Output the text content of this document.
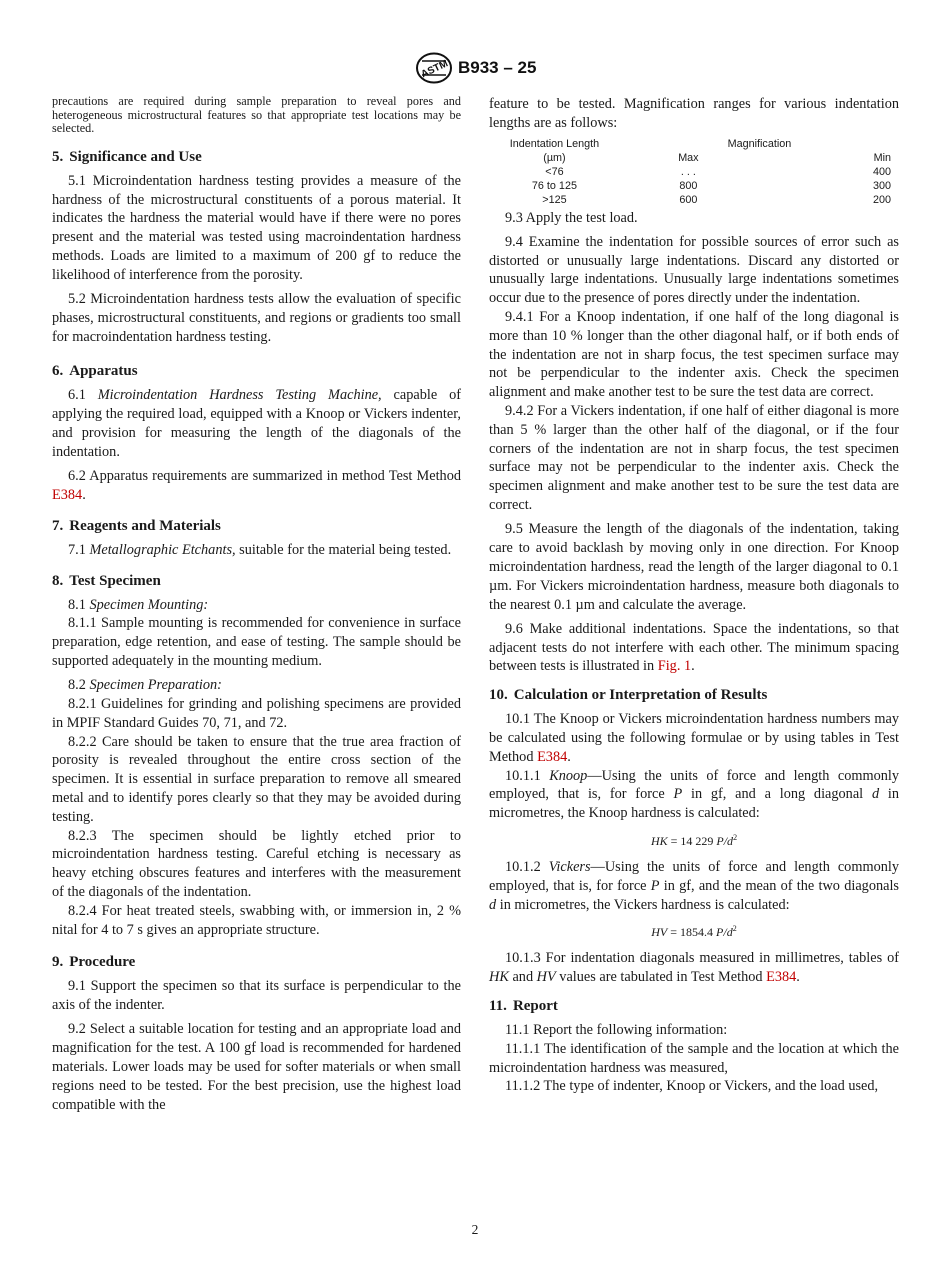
ASTM B933 – 25

precautions are required during sample preparation to reveal pores and heterogeneous microstructural features so that appropriate test locations may be selected.

5. Significance and Use

5.1 Microindentation hardness testing provides a measure of the hardness of the microstructural constituents of a porous material. It indicates the hardness the material would have if there were no pores present and the material was tested using macroindentation hardness methods. Loads are limited to a maximum of 200 gf to reduce the likelihood of interference from the porosity.

5.2 Microindentation hardness tests allow the evaluation of specific phases, microstructural constituents, and regions or gradients too small for macroindentation hardness testing.

6. Apparatus

6.1 Microindentation Hardness Testing Machine, capable of applying the required load, equipped with a Knoop or Vickers indenter, and provision for measuring the length of the diagonals of the indentation.

6.2 Apparatus requirements are summarized in method Test Method E384.

7. Reagents and Materials

7.1 Metallographic Etchants, suitable for the material being tested.

8. Test Specimen

8.1 Specimen Mounting:

8.1.1 Sample mounting is recommended for convenience in surface preparation, edge retention, and ease of testing. The sample should be supported adequately in the mounting medium.

8.2 Specimen Preparation:

8.2.1 Guidelines for grinding and polishing specimens are provided in MPIF Standard Guides 70, 71, and 72.

8.2.2 Care should be taken to ensure that the true area fraction of porosity is revealed throughout the entire cross section of the specimen. It is essential in surface preparation to remove all smeared metal and to identify pores clearly so that they may be avoided during testing.

8.2.3 The specimen should be lightly etched prior to microindentation hardness testing. Careful etching is necessary as heavy etching obscures features and interferes with the measurement of the diagonals of the indentation.

8.2.4 For heat treated steels, swabbing with, or immersion in, 2 % nital for 4 to 7 s gives an appropriate structure.

9. Procedure

9.1 Support the specimen so that its surface is perpendicular to the axis of the indenter.

9.2 Select a suitable location for testing and an appropriate load and magnification for the test. A 100 gf load is recommended for hardened materials. Lower loads may be used for softer materials or when small regions need to be tested. For the best precision, use the highest load compatible with the

feature to be tested. Magnification ranges for various indentation lengths are as follows:

Indentation Length	Magnification	
(µm)	Max	Min
<76	. . .	400
76 to 125	800	300
>125	600	200

9.3 Apply the test load.

9.4 Examine the indentation for possible sources of error such as distorted or unusually large indentations. Discard any distorted or unusually large indentations. Unusually large indentations sometimes occur due to the presence of pores directly under the indentation.

9.4.1 For a Knoop indentation, if one half of the long diagonal is more than 10 % longer than the other diagonal half, or if both ends of the indentation are not in sharp focus, the test specimen surface may not be perpendicular to the indenter axis. Check the specimen alignment and make another test to be sure the test data are correct.

9.4.2 For a Vickers indentation, if one half of either diagonal is more than 5 % larger than the other half of the diagonal, or if the four corners of the indentation are not in sharp focus, the test specimen surface may not be perpendicular to the indenter axis. Check the specimen alignment and make another test to be sure the test data are correct.

9.5 Measure the length of the diagonals of the indentation, taking care to avoid backlash by moving only in one direction. For Knoop microindentation hardness, read the length of the larger diagonal to 0.1 µm. For Vickers microindentation hardness, measure both diagonals to the nearest 0.1 µm and calculate the average.

9.6 Make additional indentations. Space the indentations, so that adjacent tests do not interfere with each other. The minimum spacing between tests is illustrated in Fig. 1.

10. Calculation or Interpretation of Results

10.1 The Knoop or Vickers microindentation hardness numbers may be calculated using the following formulae or by using tables in Test Method E384.

10.1.1 Knoop—Using the units of force and length commonly employed, that is, for force P in gf, and a long diagonal d in micrometres, the Knoop hardness is calculated:

HK = 14 229 $P/d^2$

10.1.2 Vickers—Using the units of force and length commonly employed, that is, for force P in gf, and the mean of the two diagonals d in micrometres, the Vickers hardness is calculated:

HV = 1854.4 $P/d^2$

10.1.3 For indentation diagonals measured in millimetres, tables of HK and HV values are tabulated in Test Method E384.

11. Report

11.1 Report the following information:

11.1.1 The identification of the sample and the location at which the microindentation hardness was measured,

11.1.2 The type of indenter, Knoop or Vickers, and the load used,

2
